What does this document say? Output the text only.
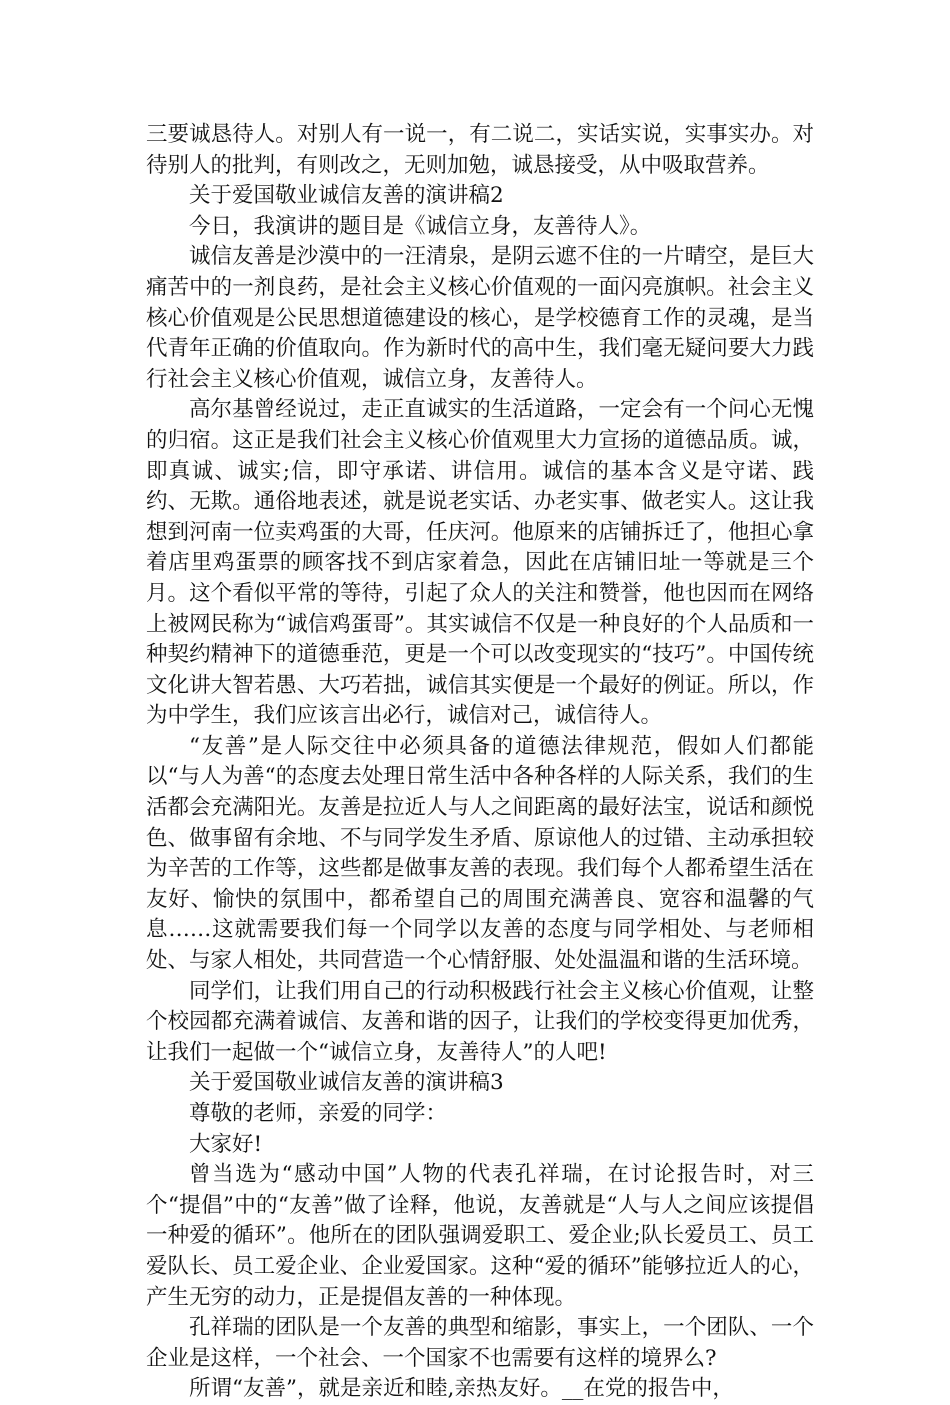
三要诚恳待人。对别人有一说一，有二说二，实话实说，实事实办。对待别人的批判，有则改之，无则加勉，诚恳接受，从中吸取营养。

关于爱国敬业诚信友善的演讲稿2

今日，我演讲的题目是《诚信立身，友善待人》。

诚信友善是沙漠中的一汪清泉，是阴云遮不住的一片晴空，是巨大痛苦中的一剂良药，是社会主义核心价值观的一面闪亮旗帜。社会主义核心价值观是公民思想道德建设的核心，是学校德育工作的灵魂，是当代青年正确的价值取向。作为新时代的高中生，我们毫无疑问要大力践行社会主义核心价值观，诚信立身，友善待人。

高尔基曾经说过，走正直诚实的生活道路，一定会有一个问心无愧的归宿。这正是我们社会主义核心价值观里大力宣扬的道德品质。诚，即真诚、诚实;信，即守承诺、讲信用。诚信的基本含义是守诺、践约、无欺。通俗地表述，就是说老实话、办老实事、做老实人。这让我想到河南一位卖鸡蛋的大哥，任庆河。他原来的店铺拆迁了，他担心拿着店里鸡蛋票的顾客找不到店家着急，因此在店铺旧址一等就是三个月。这个看似平常的等待，引起了众人的关注和赞誉，他也因而在网络上被网民称为“诚信鸡蛋哥”。其实诚信不仅是一种良好的个人品质和一种契约精神下的道德垂范，更是一个可以改变现实的“技巧”。中国传统文化讲大智若愚、大巧若拙，诚信其实便是一个最好的例证。所以，作为中学生，我们应该言出必行，诚信对己，诚信待人。

“友善”是人际交往中必须具备的道德法律规范，假如人们都能以“与人为善“的态度去处理日常生活中各种各样的人际关系，我们的生活都会充满阳光。友善是拉近人与人之间距离的最好法宝，说话和颜悦色、做事留有余地、不与同学发生矛盾、原谅他人的过错、主动承担较为辛苦的工作等，这些都是做事友善的表现。我们每个人都希望生活在友好、愉快的氛围中，都希望自己的周围充满善良、宽容和温馨的气息……这就需要我们每一个同学以友善的态度与同学相处、与老师相处、与家人相处，共同营造一个心情舒服、处处温温和谐的生活环境。

同学们，让我们用自己的行动积极践行社会主义核心价值观，让整个校园都充满着诚信、友善和谐的因子，让我们的学校变得更加优秀，让我们一起做一个“诚信立身，友善待人”的人吧!

关于爱国敬业诚信友善的演讲稿3

尊敬的老师，亲爱的同学：

大家好!

曾当选为“感动中国”人物的代表孔祥瑞，在讨论报告时，对三个“提倡”中的“友善”做了诠释，他说，友善就是“人与人之间应该提倡一种爱的循环”。他所在的团队强调爱职工、爱企业;队长爱员工、员工爱队长、员工爱企业、企业爱国家。这种“爱的循环”能够拉近人的心，产生无穷的动力，正是提倡友善的一种体现。

孔祥瑞的团队是一个友善的典型和缩影，事实上，一个团队、一个企业是这样，一个社会、一个国家不也需要有这样的境界么?

所谓“友善”，就是亲近和睦,亲热友好。__在党的报告中，
